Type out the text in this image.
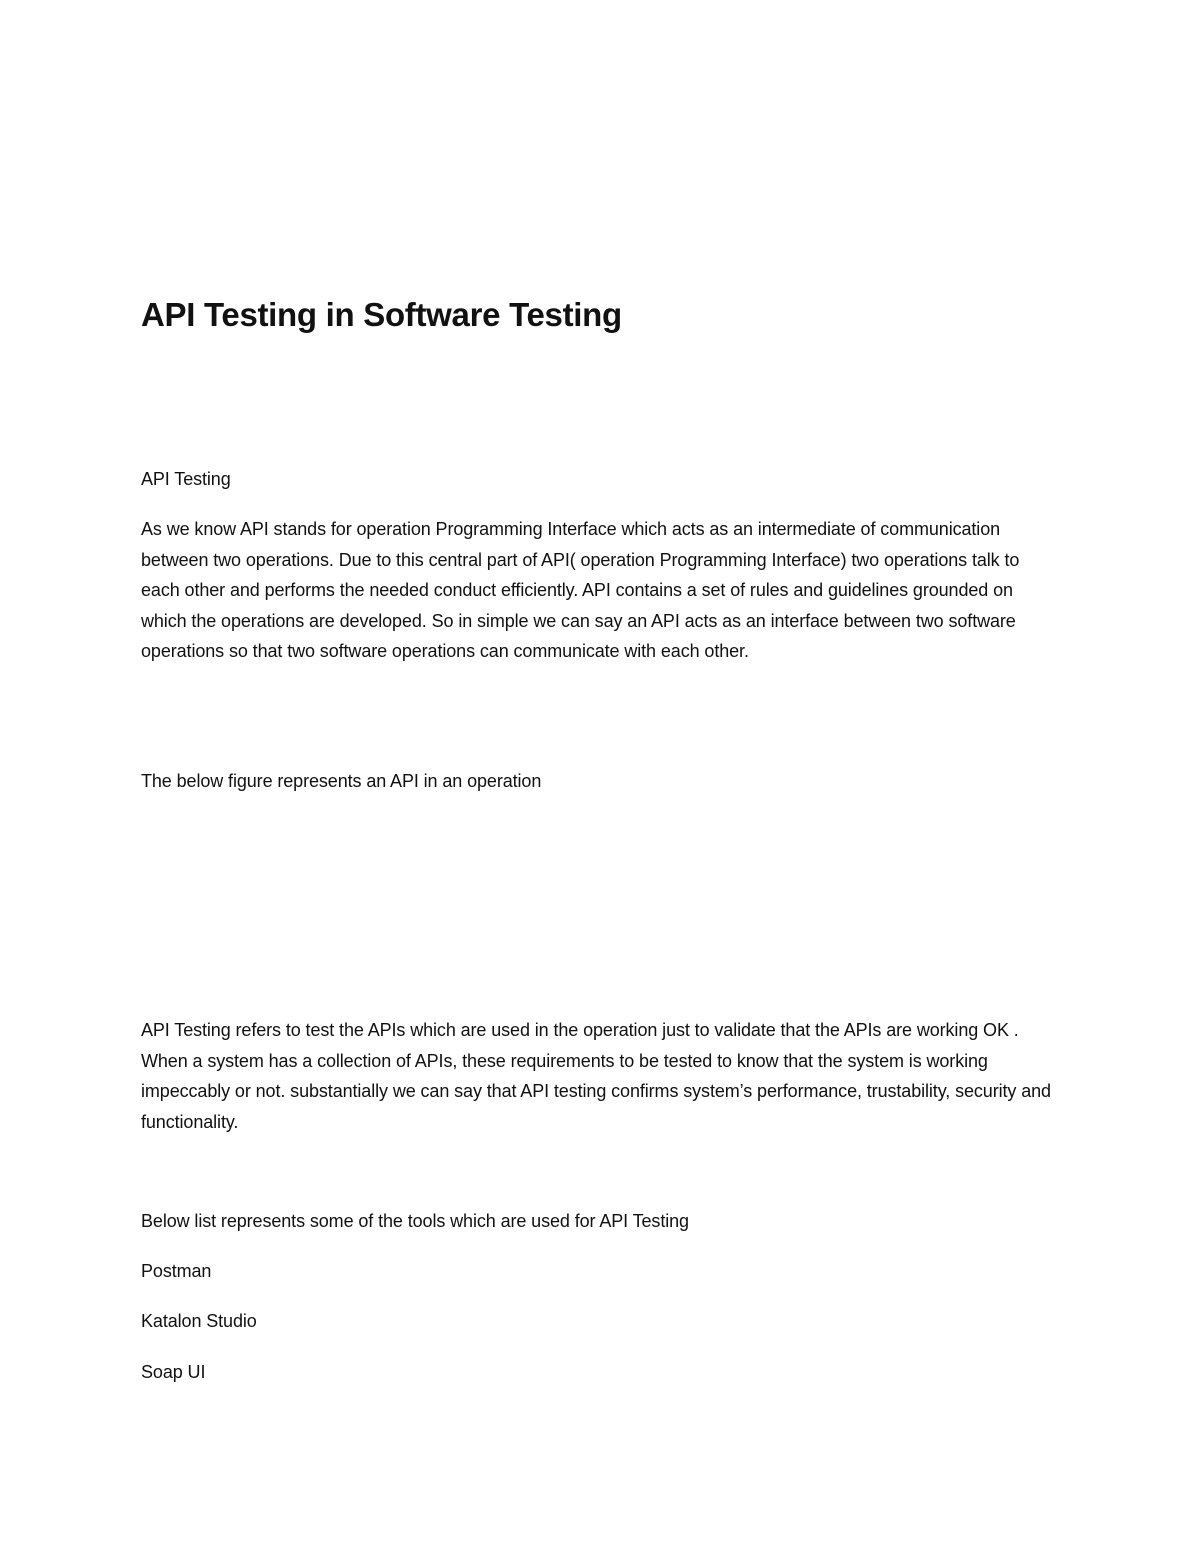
API Testing in Software Testing

API Testing

As we know API stands for operation Programming Interface which acts as an intermediate of communication between two operations. Due to this central part of API( operation Programming Interface) two operations talk to each other and performs the needed conduct efficiently. API contains a set of rules and guidelines grounded on which the operations are developed. So in simple we can say an API acts as an interface between two software operations so that two software operations can communicate with each other.

The below figure represents an API in an operation

API Testing refers to test the APIs which are used in the operation just to validate that the APIs are working OK . When a system has a collection of APIs, these requirements to be tested to know that the system is working impeccably or not. substantially we can say that API testing confirms system’s performance, trustability, security and functionality.

Below list represents some of the tools which are used for API Testing

Postman

Katalon Studio

Soap UI
